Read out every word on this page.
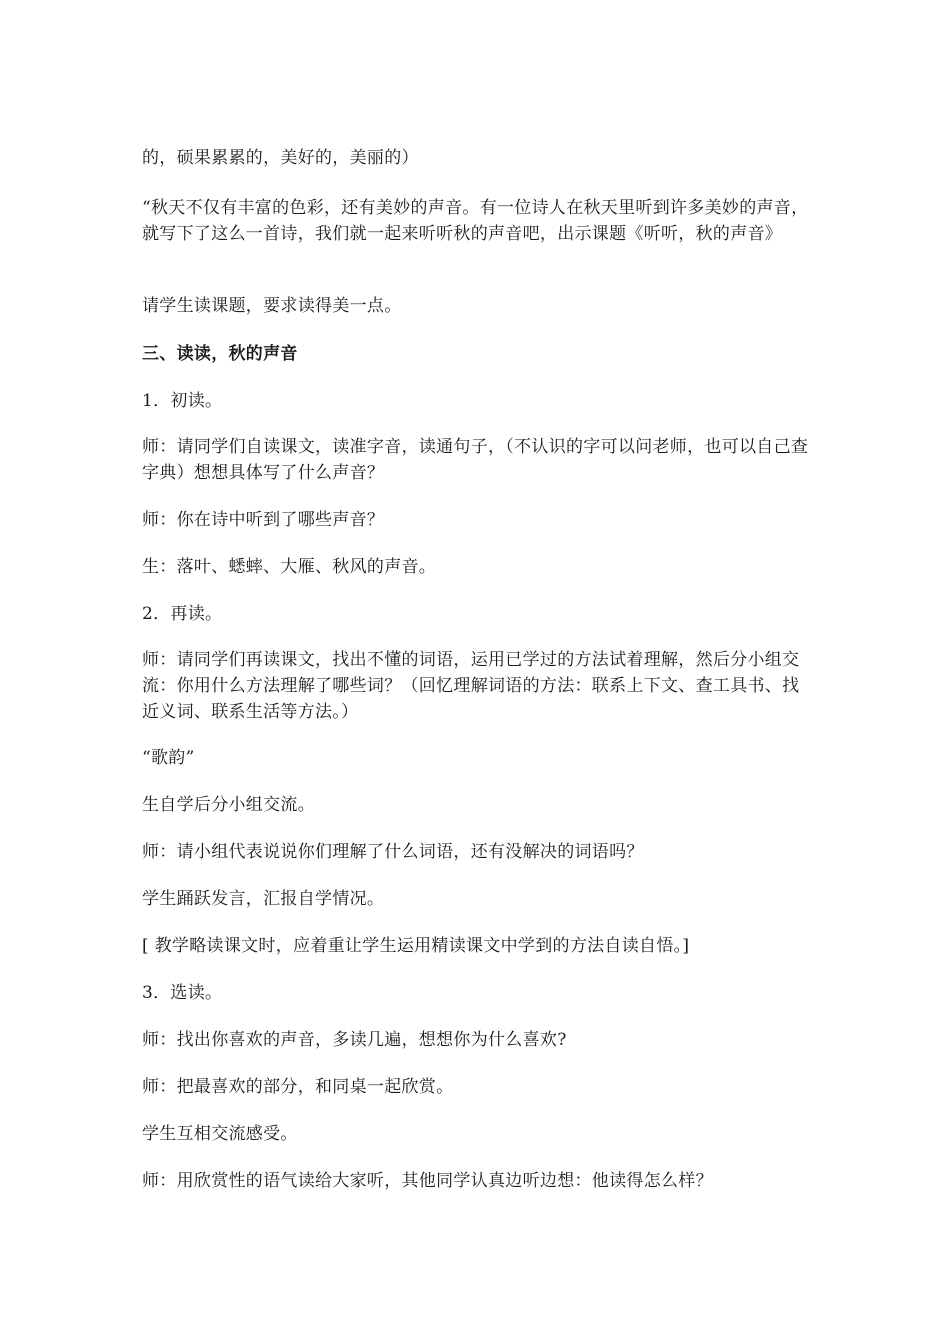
的，硕果累累的，美好的，美丽的）

“秋天不仅有丰富的色彩，还有美妙的声音。有一位诗人在秋天里听到许多美妙的声音，就写下了这么一首诗，我们就一起来听听秋的声音吧，出示课题《听听，秋的声音》

请学生读课题，要求读得美一点。

三、读读，秋的声音

1．初读。

师：请同学们自读课文，读准字音，读通句子，（不认识的字可以问老师，也可以自己查字典）想想具体写了什么声音？

师：你在诗中听到了哪些声音？

生：落叶、蟋蟀、大雁、秋风的声音。

2．再读。

师：请同学们再读课文，找出不懂的词语，运用已学过的方法试着理解，然后分小组交流：你用什么方法理解了哪些词？（回忆理解词语的方法：联系上下文、查工具书、找近义词、联系生活等方法。）

“歌韵”

生自学后分小组交流。

师：请小组代表说说你们理解了什么词语，还有没解决的词语吗？

学生踊跃发言，汇报自学情况。

[ 教学略读课文时，应着重让学生运用精读课文中学到的方法自读自悟。]

3．选读。

师：找出你喜欢的声音，多读几遍，想想你为什么喜欢?

师：把最喜欢的部分，和同桌一起欣赏。

学生互相交流感受。

师：用欣赏性的语气读给大家听，其他同学认真边听边想：他读得怎么样？
